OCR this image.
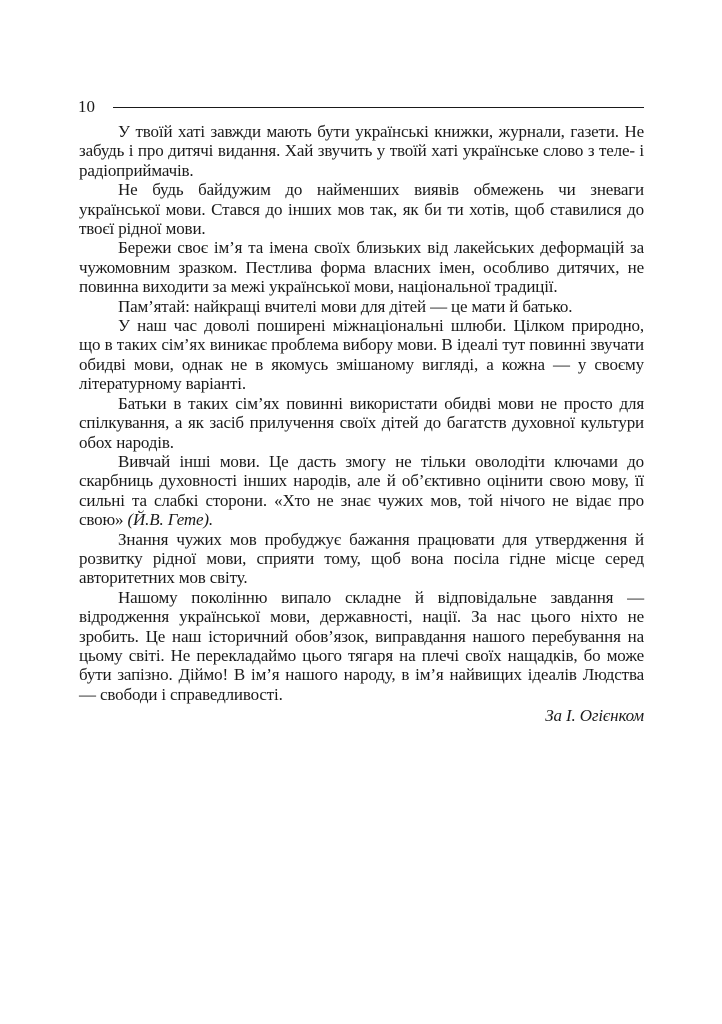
10

У твоїй хаті завжди мають бути українські книжки, журнали, газети. Не забудь і про дитячі видання. Хай звучить у твоїй хаті українське слово з теле- і радіоприймачів.

Не будь байдужим до найменших виявів обмежень чи зневаги української мови. Стався до інших мов так, як би ти хотів, щоб ставилися до твоєї рідної мови.

Бережи своє ім’я та імена своїх близьких від лакейських деформацій за чужомовним зразком. Пестлива форма власних імен, особливо дитячих, не повинна виходити за межі української мови, національної традиції.

Пам’ятай: найкращі вчителі мови для дітей — це мати й батько.

У наш час доволі поширені міжнаціональні шлюби. Цілком природно, що в таких сім’ях виникає проблема вибору мови. В ідеалі тут повинні звучати обидві мови, однак не в якомусь змішаному вигляді, а кожна — у своєму літературному варіанті.

Батьки в таких сім’ях повинні використати обидві мови не просто для спілкування, а як засіб прилучення своїх дітей до багатств духовної культури обох народів.

Вивчай інші мови. Це дасть змогу не тільки оволодіти ключами до скарбниць духовності інших народів, але й об’єктивно оцінити свою мову, її сильні та слабкі сторони. «Хто не знає чужих мов, той нічого не відає про свою» (Й.В. Гете).

Знання чужих мов пробуджує бажання працювати для утвердження й розвитку рідної мови, сприяти тому, щоб вона посіла гідне місце серед авторитетних мов світу.

Нашому поколінню випало складне й відповідальне завдання — відродження української мови, державності, нації. За нас цього ніхто не зробить. Це наш історичний обов’язок, виправдання нашого перебування на цьому світі. Не перекладаймо цього тягаря на плечі своїх нащадків, бо може бути запізно. Діймо! В ім’я нашого народу, в ім’я найвищих ідеалів Людства — свободи і справедливості.

За І. Огієнком
